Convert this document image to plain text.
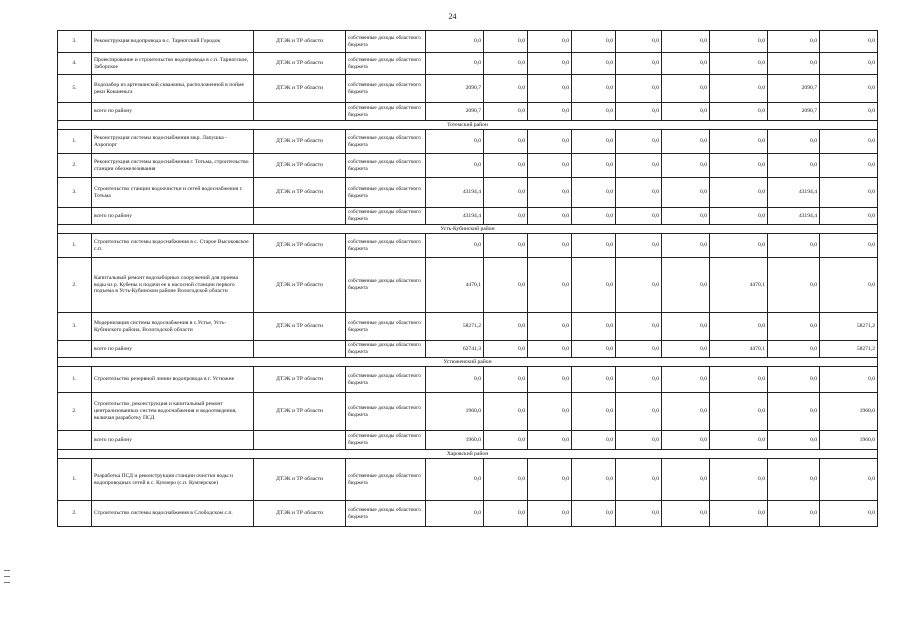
24
3.	Реконструкция водопровода в с. Тарногский Городок	ДТЭК и ТР области	собственные доходы областного бюджета	0,0	0,0	0,0	0,0	0,0	0,0	0,0	0,0	0,0
4.	Проектирование и строительство водопровода в с.п. Тарногское, Заборское	ДТЭК и ТР области	собственные доходы областного бюджета	0,0	0,0	0,0	0,0	0,0	0,0	0,0	0,0	0,0
5.	Водозабор из артезианской скважины, расположенной в пойме реки Кокшеньга	ДТЭК и ТР области	собственные доходы областного бюджета	2090,7	0,0	0,0	0,0	0,0	0,0	0,0	2090,7	0,0
	всего по району		собственные доходы областного бюджета	2090,7	0,0	0,0	0,0	0,0	0,0	0,0	2090,7	0,0
Тотемский район												
1.	Реконструкция системы водоснабжения мкр. Лапушка - Аэропорт	ДТЭК и ТР области	собственные доходы областного бюджета	0,0	0,0	0,0	0,0	0,0	0,0	0,0	0,0	0,0
2.	Реконструкция системы водоснабжения г. Тотьма, строительство станции обезжелезивания	ДТЭК и ТР области	собственные доходы областного бюджета	0,0	0,0	0,0	0,0	0,0	0,0	0,0	0,0	0,0
3.	Строительство станции водоочистки и сетей водоснабжения г. Тотьма	ДТЭК и ТР области	собственные доходы областного бюджета	43194,4	0,0	0,0	0,0	0,0	0,0	0,0	43194,4	0,0
	всего по району		собственные доходы областного бюджета	43194,4	0,0	0,0	0,0	0,0	0,0	0,0	43194,4	0,0
Усть-Кубинский район												
1.	Строительство системы водоснабжения в с. Старое Высоковское с.п.	ДТЭК и ТР области	собственные доходы областного бюджета	0,0	0,0	0,0	0,0	0,0	0,0	0,0	0,0	0,0
2.	Капитальный ремонт водозаборных сооружений для приема воды из р. Кубены и подачи ее к насосной станции первого подъема в Усть-Кубинском районе Вологодской области	ДТЭК и ТР области	собственные доходы областного бюджета	4470,1	0,0	0,0	0,0	0,0	0,0	4470,1	0,0	0,0
3.	Модернизация системы водоснабжения в с.Устье, Усть-Кубинского района, Вологодской области	ДТЭК и ТР области	собственные доходы областного бюджета	58271,2	0,0	0,0	0,0	0,0	0,0	0,0	0,0	58271,2
	всего по району		собственные доходы областного бюджета	62741,3	0,0	0,0	0,0	0,0	0,0	4470,1	0,0	58271,2
Устюженский район												
1.	Строительство резервной линии водопровода в г. Устюжне	ДТЭК и ТР области	собственные доходы областного бюджета	0,0	0,0	0,0	0,0	0,0	0,0	0,0	0,0	0,0
2.	Строительство, реконструкция и капитальный ремонт централизованных систем водоснабжения и водоотведения, включая разработку ПСД	ДТЭК и ТР области	собственные доходы областного бюджета	1960,0	0,0	0,0	0,0	0,0	0,0	0,0	0,0	1960,0
	всего по району		собственные доходы областного бюджета	1960,0	0,0	0,0	0,0	0,0	0,0	0,0	0,0	1960,0
Харовский район												
1.	Разработка ПСД и реконструкция станции очистки воды и водопроводных сетей в с. Кумзеро (с.п. Кумзерское)	ДТЭК и ТР области	собственные доходы областного бюджета	0,0	0,0	0,0	0,0	0,0	0,0	0,0	0,0	0,0
2.	Строительство системы водоснабжения в Слободском с.п.	ДТЭК и ТР области	собственные доходы областного бюджета	0,0	0,0	0,0	0,0	0,0	0,0	0,0	0,0	0,0
